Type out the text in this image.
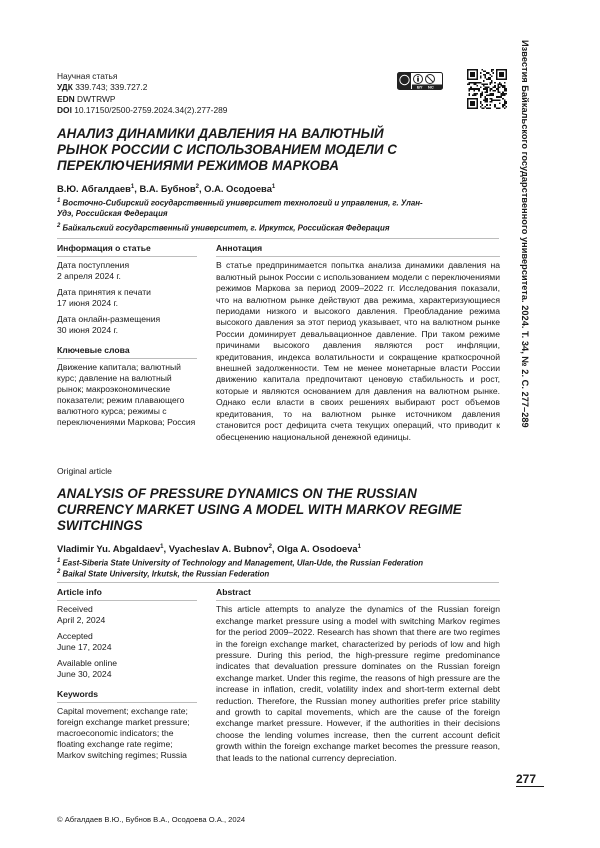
Научная статья
УДК 339.743; 339.727.2
EDN DWTRWP
DOI 10.17150/2500-2759.2024.34(2).277-289
BY NC	Известия Байкальского государственного университета. 2024. Т. 34, № 2. С. 277–289
АНАЛИЗ ДИНАМИКИ ДАВЛЕНИЯ НА ВАЛЮТНЫЙ РЫНОК РОССИИ С ИСПОЛЬЗОВАНИЕМ МОДЕЛИ С ПЕРЕКЛЮЧЕНИЯМИ РЕЖИМОВ МАРКОВА
В.Ю. Абгалдаев$^1$, В.А. Бубнов$^2$, О.А. Осодоева$^1$
$^1$ Восточно-Сибирский государственный университет технологий и управления, г. Улан-Удэ, Российская Федерация
$^2$ Байкальский государственный университет, г. Иркутск, Российская Федерация
Информация о статье
Дата поступления
2 апреля 2024 г.
Дата принятия к печати
17 июня 2024 г.
Дата онлайн-размещения
30 июня 2024 г.
Ключевые слова
Движение капитала; валютный курс; давление на валютный рынок; макроэкономические показатели; режим плавающего валютного курса; режимы с переключениями Маркова; Россия
Аннотация

В статье предпринимается попытка анализа динамики давления на валютный рынок России с использованием модели с переключениями режимов Маркова за период 2009–2022 гг. Исследования показали, что на валютном рынке действуют два режима, характеризующиеся периодами низкого и высокого давления. Преобладание режима высокого давления за этот период указывает, что на валютном рынке России доминирует девальвационное давление. При таком режиме причинами высокого давления являются рост инфляции, кредитования, индекса волатильности и сокращение краткосрочной внешней задолженности. Тем не менее монетарные власти России движению капитала предпочитают ценовую стабильность и рост, которые и являются основанием для давления на валютном рынке. Однако если власти в своих решениях выбирают рост объемов кредитования, то на валютном рынке источником давления становится рост дефицита счета текущих операций, что приводит к обесценению национальной денежной единицы.

Original article
ANALYSIS OF PRESSURE DYNAMICS ON THE RUSSIAN CURRENCY MARKET USING A MODEL WITH MARKOV REGIME SWITCHINGS
Vladimir Yu. Abgaldaev$^1$, Vyacheslav A. Bubnov$^2$, Olga A. Osodoeva$^1$
$^1$ East-Siberia State University of Technology and Management, Ulan-Ude, the Russian Federation
$^2$ Baikal State University, Irkutsk, the Russian Federation
Article info
Received
April 2, 2024
Accepted
June 17, 2024
Available online
June 30, 2024
Keywords
Capital movement; exchange rate; foreign exchange market pressure; macroeconomic indicators; the floating exchange rate regime; Markov switching regimes; Russia
Abstract

This article attempts to analyze the dynamics of the Russian foreign exchange market pressure using a model with switching Markov regimes for the period 2009–2022. Research has shown that there are two regimes in the foreign exchange market, characterized by periods of low and high pressure. During this period, the high-pressure regime predominance indicates that devaluation pressure dominates on the Russian foreign exchange market. Under this regime, the reasons of high pressure are the increase in inflation, credit, volatility index and short-term external debt reduction. Therefore, the Russian money authorities prefer price stability and growth to capital movements, which are the cause of the foreign exchange market pressure. However, if the authorities in their decisions choose the lending volumes increase, then the current account deficit growth within the foreign exchange market becomes the pressure reason, that leads to the national currency depreciation.

277
© Абгалдаев В.Ю., Бубнов В.А., Осодоева О.А., 2024
